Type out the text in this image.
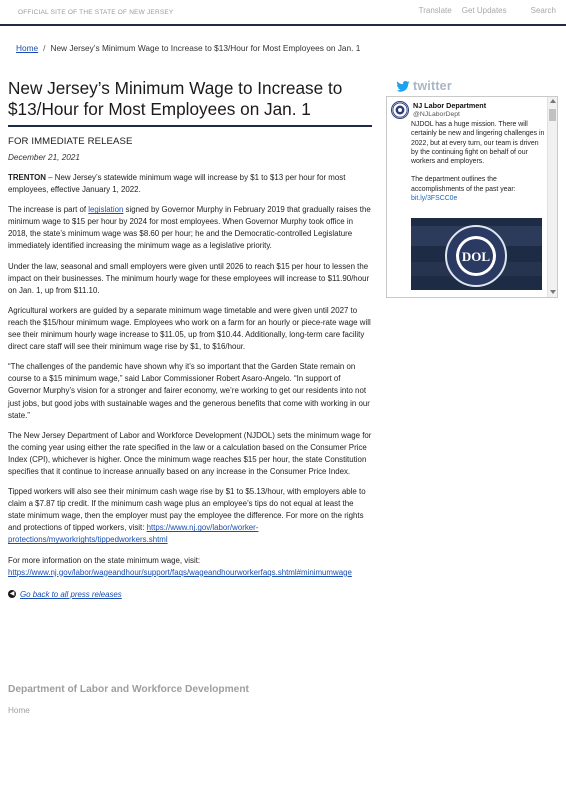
OFFICIAL SITE OF THE STATE OF NEW JERSEY	Translate Get Updates	Search
Home / New Jersey’s Minimum Wage to Increase to $13/Hour for Most Employees on Jan. 1
New Jersey’s Minimum Wage to Increase to $13/Hour for Most Employees on Jan. 1
FOR IMMEDIATE RELEASE
December 21, 2021

TRENTON – New Jersey’s statewide minimum wage will increase by $1 to $13 per hour for most employees, effective January 1, 2022.

The increase is part of legislation signed by Governor Murphy in February 2019 that gradually raises the minimum wage to $15 per hour by 2024 for most employees. When Governor Murphy took office in 2018, the state’s minimum wage was $8.60 per hour; he and the Democratic-controlled Legislature immediately identified increasing the minimum wage as a legislative priority.

Under the law, seasonal and small employers were given until 2026 to reach $15 per hour to lessen the impact on their businesses. The minimum hourly wage for these employees will increase to $11.90/hour on Jan. 1, up from $11.10.

Agricultural workers are guided by a separate minimum wage timetable and were given until 2027 to reach the $15/hour minimum wage. Employees who work on a farm for an hourly or piece-rate wage will see their minimum hourly wage increase to $11.05, up from $10.44. Additionally, long-term care facility direct care staff will see their minimum wage rise by $1, to $16/hour.

“The challenges of the pandemic have shown why it’s so important that the Garden State remain on course to a $15 minimum wage,” said Labor Commissioner Robert Asaro-Angelo. “In support of Governor Murphy’s vision for a stronger and fairer economy, we’re working to get our residents into not just jobs, but good jobs with sustainable wages and the generous benefits that come with working in our state.”

The New Jersey Department of Labor and Workforce Development (NJDOL) sets the minimum wage for the coming year using either the rate specified in the law or a calculation based on the Consumer Price Index (CPI), whichever is higher. Once the minimum wage reaches $15 per hour, the state Constitution specifies that it continue to increase annually based on any increase in the Consumer Price Index.

Tipped workers will also see their minimum cash wage rise by $1 to $5.13/hour, with employers able to claim a $7.87 tip credit. If the minimum cash wage plus an employee’s tips do not equal at least the state minimum wage, then the employer must pay the employee the difference. For more on the rights and protections of tipped workers, visit: https://www.nj.gov/labor/worker-protections/myworkrights/tippedworkers.shtml

For more information on the state minimum wage, visit:
https://www.nj.gov/labor/wageandhour/support/faqs/wageandhourworkerfaqs.shtml#minimumwage

◀ Go back to all press releases
twitter
NJ Labor Department
@NJLaborDept

NJDOL has a huge mission. There will certainly be new and lingering challenges in 2022, but at every turn, our team is driven by the continuing fight on behalf of our workers and employers.

The department outlines the accomplishments of the past year:
bit.ly/3FSCC0e

DOL
Department of Labor and Workforce Development
Home
